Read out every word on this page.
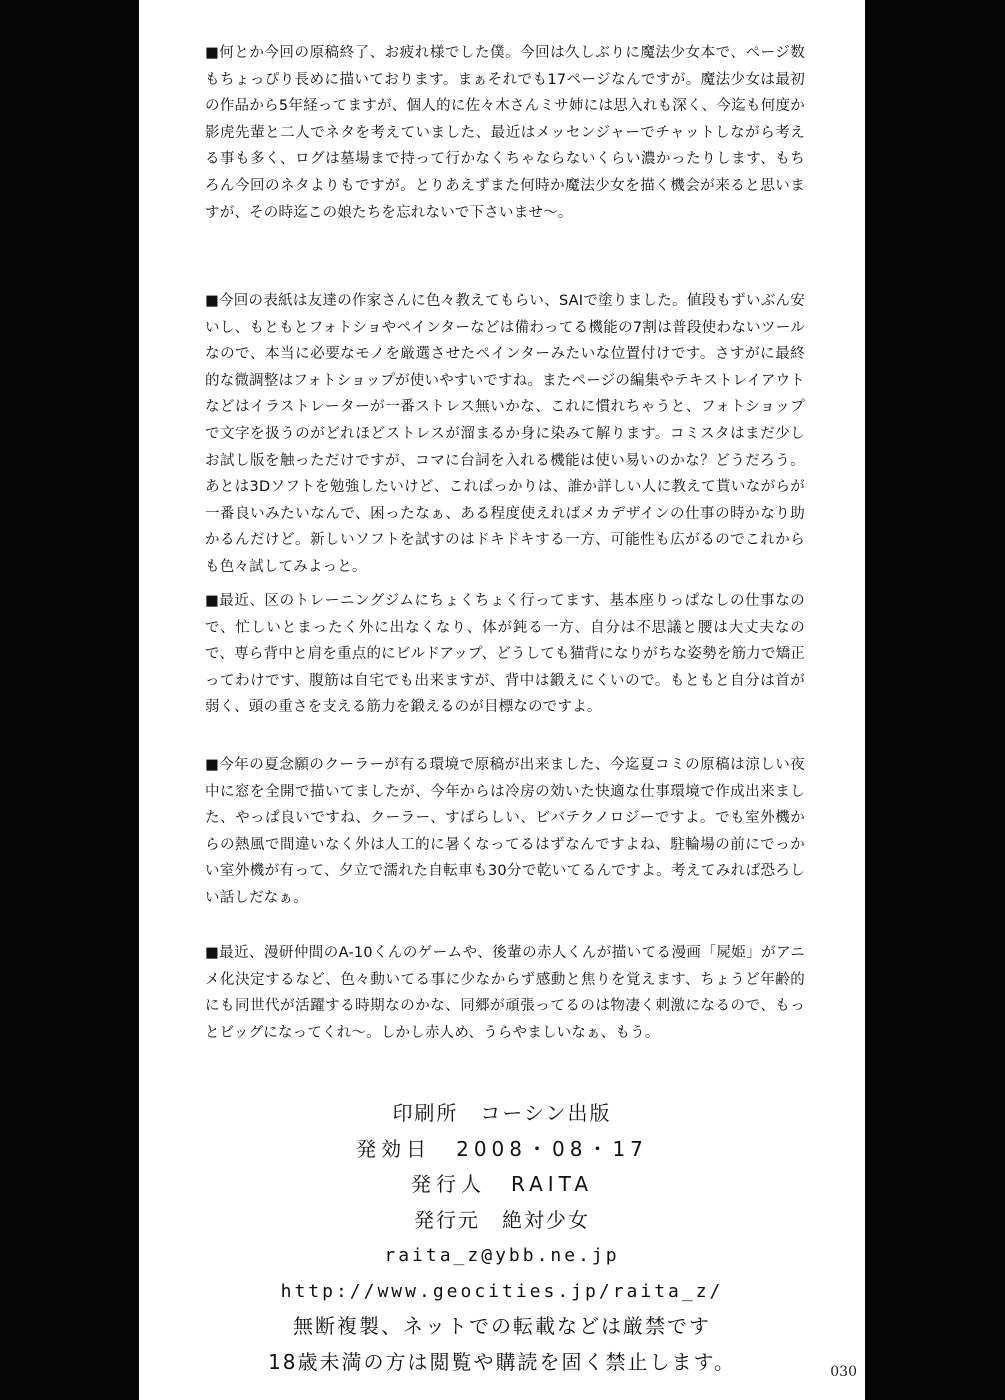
■何とか今回の原稿終了、お疲れ様でした僕。今回は久しぶりに魔法少女本で、ページ数もちょっぴり長めに描いております。まぁそれでも17ページなんですが。魔法少女は最初の作品から5年経ってますが、個人的に佐々木さんミサ姉には思入れも深く、今迄も何度か影虎先輩と二人でネタを考えていました、最近はメッセンジャーでチャットしながら考える事も多く、ログは墓場まで持って行かなくちゃならないくらい濃かったりします、もちろん今回のネタよりもですが。とりあえずまた何時か魔法少女を描く機会が来ると思いますが、その時迄この娘たちを忘れないで下さいませ～。

■今回の表紙は友達の作家さんに色々教えてもらい、SAIで塗りました。値段もずいぶん安いし、もともとフォトショやペインターなどは備わってる機能の7割は普段使わないツールなので、本当に必要なモノを厳選させたペインターみたいな位置付けです。さすがに最終的な微調整はフォトショップが使いやすいですね。またページの編集やテキストレイアウトなどはイラストレーターが一番ストレス無いかな、これに慣れちゃうと、フォトショップで文字を扱うのがどれほどストレスが溜まるか身に染みて解ります。コミスタはまだ少しお試し版を触っただけですが、コマに台詞を入れる機能は使い易いのかな？どうだろう。あとは3Dソフトを勉強したいけど、これぱっかりは、誰か詳しい人に教えて貰いながらが一番良いみたいなんで、困ったなぁ、ある程度使えればメカデザインの仕事の時かなり助かるんだけど。新しいソフトを試すのはドキドキする一方、可能性も広がるのでこれからも色々試してみよっと。

■最近、区のトレーニングジムにちょくちょく行ってます、基本座りっぱなしの仕事なので、忙しいとまったく外に出なくなり、体が鈍る一方、自分は不思議と腰は大丈夫なので、専ら背中と肩を重点的にビルドアップ、どうしても猫背になりがちな姿勢を筋力で矯正ってわけです、腹筋は自宅でも出来ますが、背中は鍛えにくいので。もともと自分は首が弱く、頭の重さを支える筋力を鍛えるのが目標なのですよ。

■今年の夏念願のクーラーが有る環境で原稿が出来ました、今迄夏コミの原稿は涼しい夜中に窓を全開で描いてましたが、今年からは冷房の効いた快適な仕事環境で作成出来ました、やっぱ良いですね、クーラー、すばらしい、ビバテクノロジーですよ。でも室外機からの熱風で間違いなく外は人工的に暑くなってるはずなんですよね、駐輪場の前にでっかい室外機が有って、夕立で濡れた自転車も30分で乾いてるんですよ。考えてみれば恐ろしい話しだなぁ。

■最近、漫研仲間のA-10くんのゲームや、後輩の赤人くんが描いてる漫画「屍姫」がアニメ化決定するなど、色々動いてる事に少なからず感動と焦りを覚えます、ちょうど年齢的にも同世代が活躍する時期なのかな、同郷が頑張ってるのは物凄く刺激になるので、もっとビッグになってくれ～。しかし赤人め、うらやましいなぁ、もう。

印刷所　コーシン出版
発効日　2008・08・17
発行人　RAITA
発行元　絶対少女
raita_z@ybb.ne.jp
http://www.geocities.jp/raita_z/
無断複製、ネットでの転載などは厳禁です
18歳未満の方は閲覧や購読を固く禁止します。	030
